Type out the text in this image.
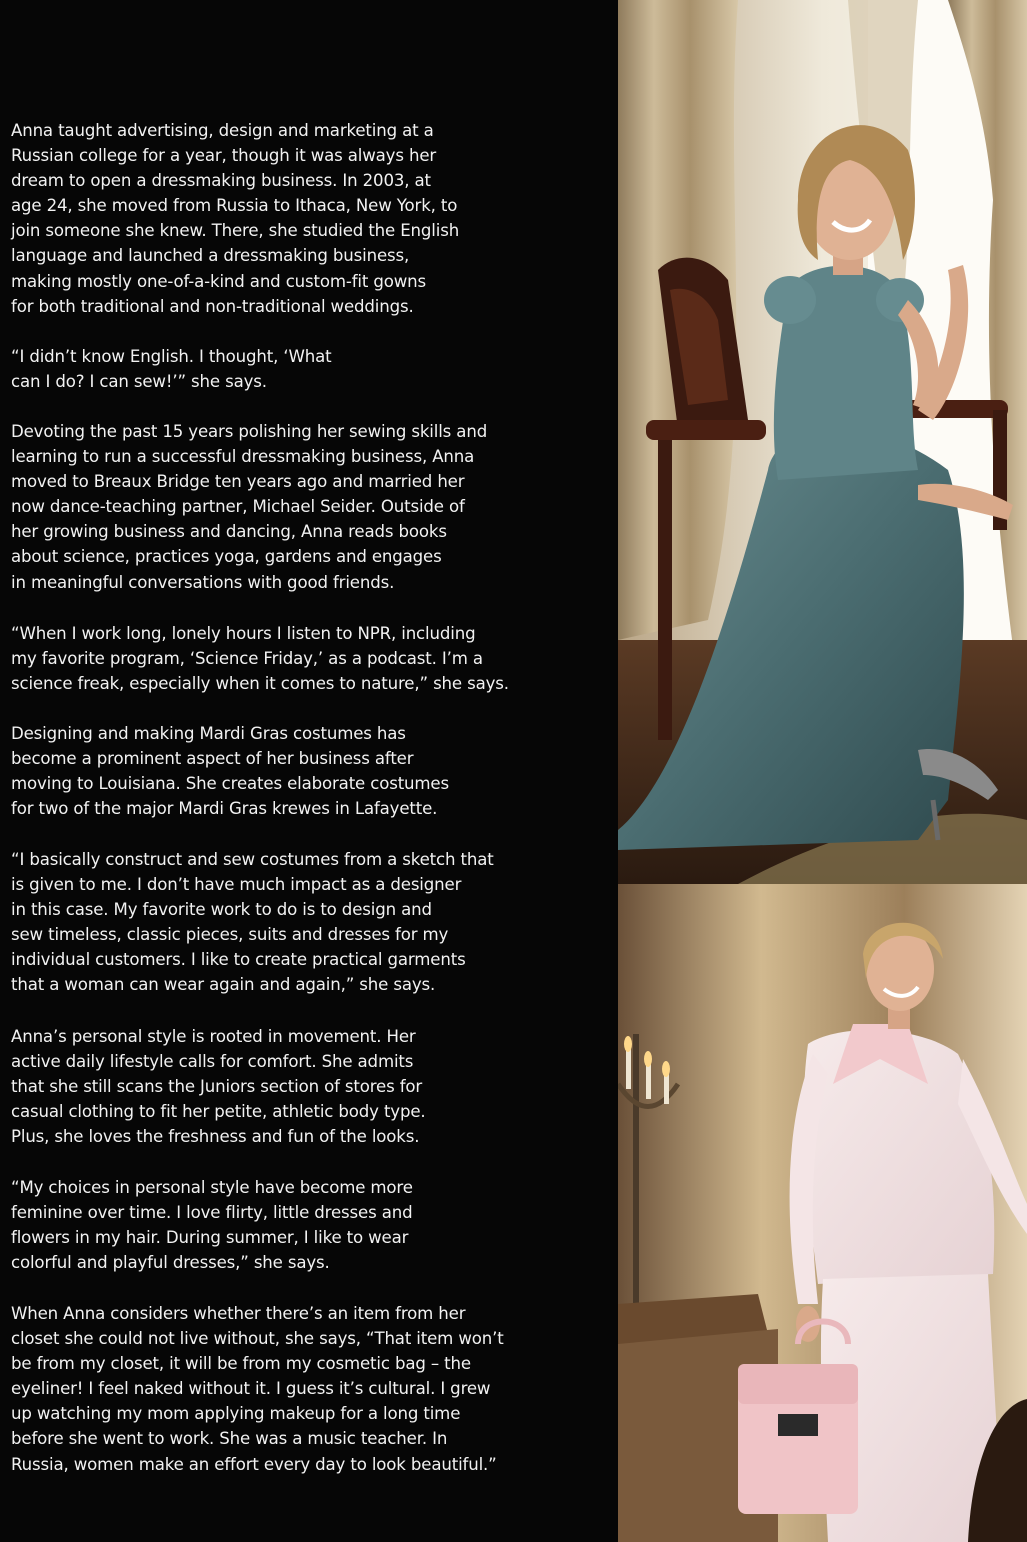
Anna taught advertising, design and marketing at a
Russian college for a year, though it was always her
dream to open a dressmaking business. In 2003, at
age 24, she moved from Russia to Ithaca, New York, to
join someone she knew. There, she studied the English
language and launched a dressmaking business,
making mostly one-of-a-kind and custom-fit gowns
for both traditional and non-traditional weddings.

“I didn’t know English. I thought, ‘What
can I do? I can sew!’” she says.

Devoting the past 15 years polishing her sewing skills and
learning to run a successful dressmaking business, Anna
moved to Breaux Bridge ten years ago and married her
now dance-teaching partner, Michael Seider. Outside of
her growing business and dancing, Anna reads books
about science, practices yoga, gardens and engages
in meaningful conversations with good friends.

“When I work long, lonely hours I listen to NPR, including
my favorite program, ‘Science Friday,’ as a podcast. I’m a
science freak, especially when it comes to nature,” she says.

Designing and making Mardi Gras costumes has
become a prominent aspect of her business after
moving to Louisiana. She creates elaborate costumes
for two of the major Mardi Gras krewes in Lafayette.

“I basically construct and sew costumes from a sketch that
is given to me. I don’t have much impact as a designer
in this case. My favorite work to do is to design and
sew timeless, classic pieces, suits and dresses for my
individual customers. I like to create practical garments
that a woman can wear again and again,” she says.

Anna’s personal style is rooted in movement. Her
active daily lifestyle calls for comfort. She admits
that she still scans the Juniors section of stores for
casual clothing to fit her petite, athletic body type.
Plus, she loves the freshness and fun of the looks.

“My choices in personal style have become more
feminine over time. I love flirty, little dresses and
flowers in my hair. During summer, I like to wear
colorful and playful dresses,” she says.

When Anna considers whether there’s an item from her
closet she could not live without, she says, “That item won’t
be from my closet, it will be from my cosmetic bag – the
eyeliner! I feel naked without it. I guess it’s cultural. I grew
up watching my mom applying makeup for a long time
before she went to work. She was a music teacher. In
Russia, women make an effort every day to look beautiful.”
